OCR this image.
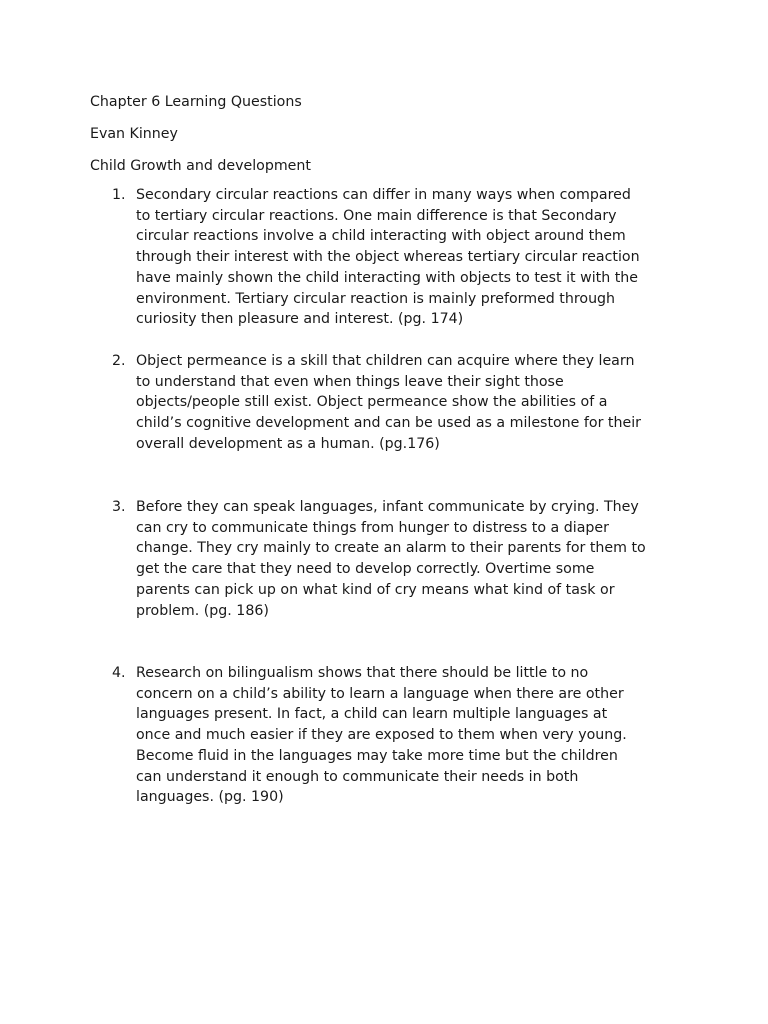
Chapter 6 Learning Questions
Evan Kinney
Child Growth and development
1. Secondary circular reactions can differ in many ways when compared
to tertiary circular reactions. One main difference is that Secondary
circular reactions involve a child interacting with object around them
through their interest with the object whereas tertiary circular reaction
have mainly shown the child interacting with objects to test it with the
environment. Tertiary circular reaction is mainly preformed through
curiosity then pleasure and interest. (pg. 174)
2. Object permeance is a skill that children can acquire where they learn
to understand that even when things leave their sight those
objects/people still exist. Object permeance show the abilities of a
child’s cognitive development and can be used as a milestone for their
overall development as a human. (pg.176)
3. Before they can speak languages, infant communicate by crying. They
can cry to communicate things from hunger to distress to a diaper
change. They cry mainly to create an alarm to their parents for them to
get the care that they need to develop correctly. Overtime some
parents can pick up on what kind of cry means what kind of task or
problem. (pg. 186)
4. Research on bilingualism shows that there should be little to no
concern on a child’s ability to learn a language when there are other
languages present. In fact, a child can learn multiple languages at
once and much easier if they are exposed to them when very young.
Become fluid in the languages may take more time but the children
can understand it enough to communicate their needs in both
languages. (pg. 190)
